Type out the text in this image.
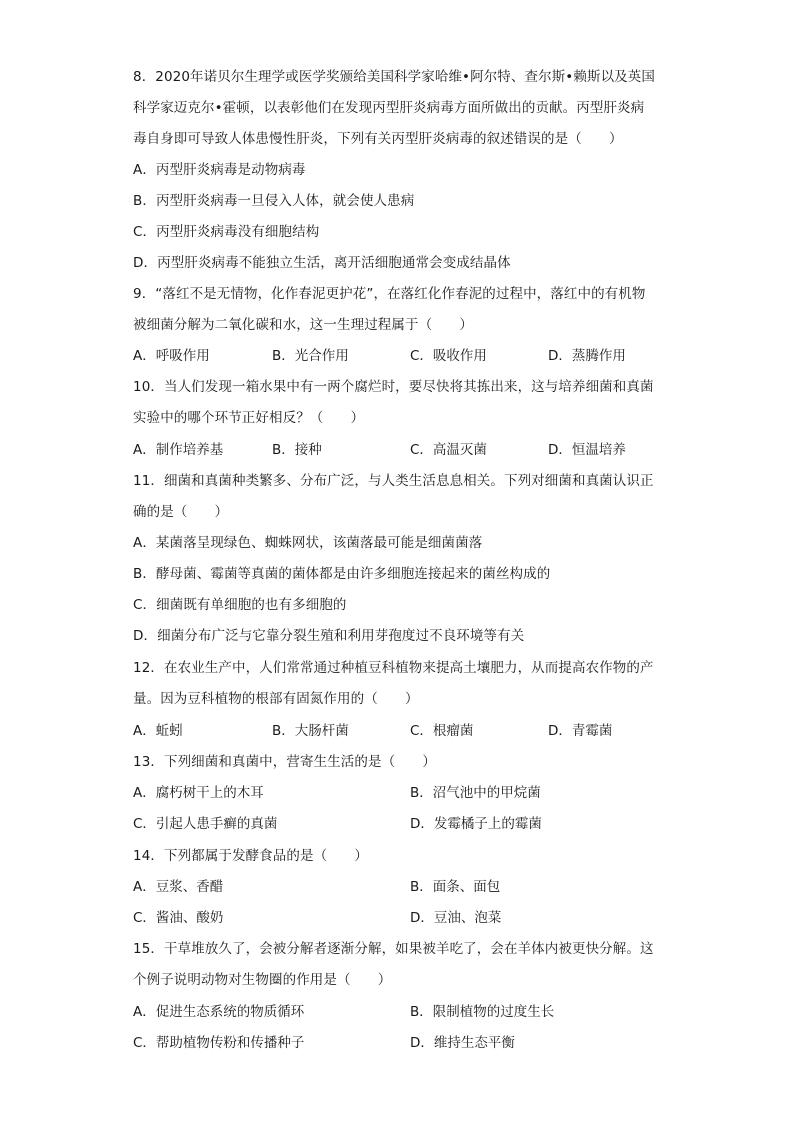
8．2020年诺贝尔生理学或医学奖颁给美国科学家哈维•阿尔特、查尔斯•赖斯以及英国
科学家迈克尔•霍顿，以表彰他们在发现丙型肝炎病毒方面所做出的贡献。丙型肝炎病
毒自身即可导致人体患慢性肝炎，下列有关丙型肝炎病毒的叙述错误的是（　　）
A．丙型肝炎病毒是动物病毒
B．丙型肝炎病毒一旦侵入人体，就会使人患病
C．丙型肝炎病毒没有细胞结构
D．丙型肝炎病毒不能独立生活，离开活细胞通常会变成结晶体
9．“落红不是无情物，化作春泥更护花”，在落红化作春泥的过程中，落红中的有机物
被细菌分解为二氧化碳和水，这一生理过程属于（　　）
A．呼吸作用	B．光合作用	C．吸收作用	D．蒸腾作用
10．当人们发现一箱水果中有一两个腐烂时，要尽快将其拣出来，这与培养细菌和真菌
实验中的哪个环节正好相反？（　　）
A．制作培养基	B．接种	C．高温灭菌	D．恒温培养
11．细菌和真菌种类繁多、分布广泛，与人类生活息息相关。下列对细菌和真菌认识正
确的是（　　）
A．某菌落呈现绿色、蜘蛛网状，该菌落最可能是细菌菌落
B．酵母菌、霉菌等真菌的菌体都是由许多细胞连接起来的菌丝构成的
C．细菌既有单细胞的也有多细胞的
D．细菌分布广泛与它靠分裂生殖和利用芽孢度过不良环境等有关
12．在农业生产中，人们常常通过种植豆科植物来提高土壤肥力，从而提高农作物的产
量。因为豆科植物的根部有固氮作用的（　　）
A．蚯蚓	B．大肠杆菌	C．根瘤菌	D．青霉菌
13．下列细菌和真菌中，营寄生生活的是（　　）
A．腐朽树干上的木耳	B．沼气池中的甲烷菌
C．引起人患手癣的真菌	D．发霉橘子上的霉菌
14．下列都属于发酵食品的是（　　）
A．豆浆、香醋	B．面条、面包
C．酱油、酸奶	D．豆油、泡菜
15．干草堆放久了，会被分解者逐渐分解，如果被羊吃了，会在羊体内被更快分解。这
个例子说明动物对生物圈的作用是（　　）
A．促进生态系统的物质循环	B．限制植物的过度生长
C．帮助植物传粉和传播种子	D．维持生态平衡
